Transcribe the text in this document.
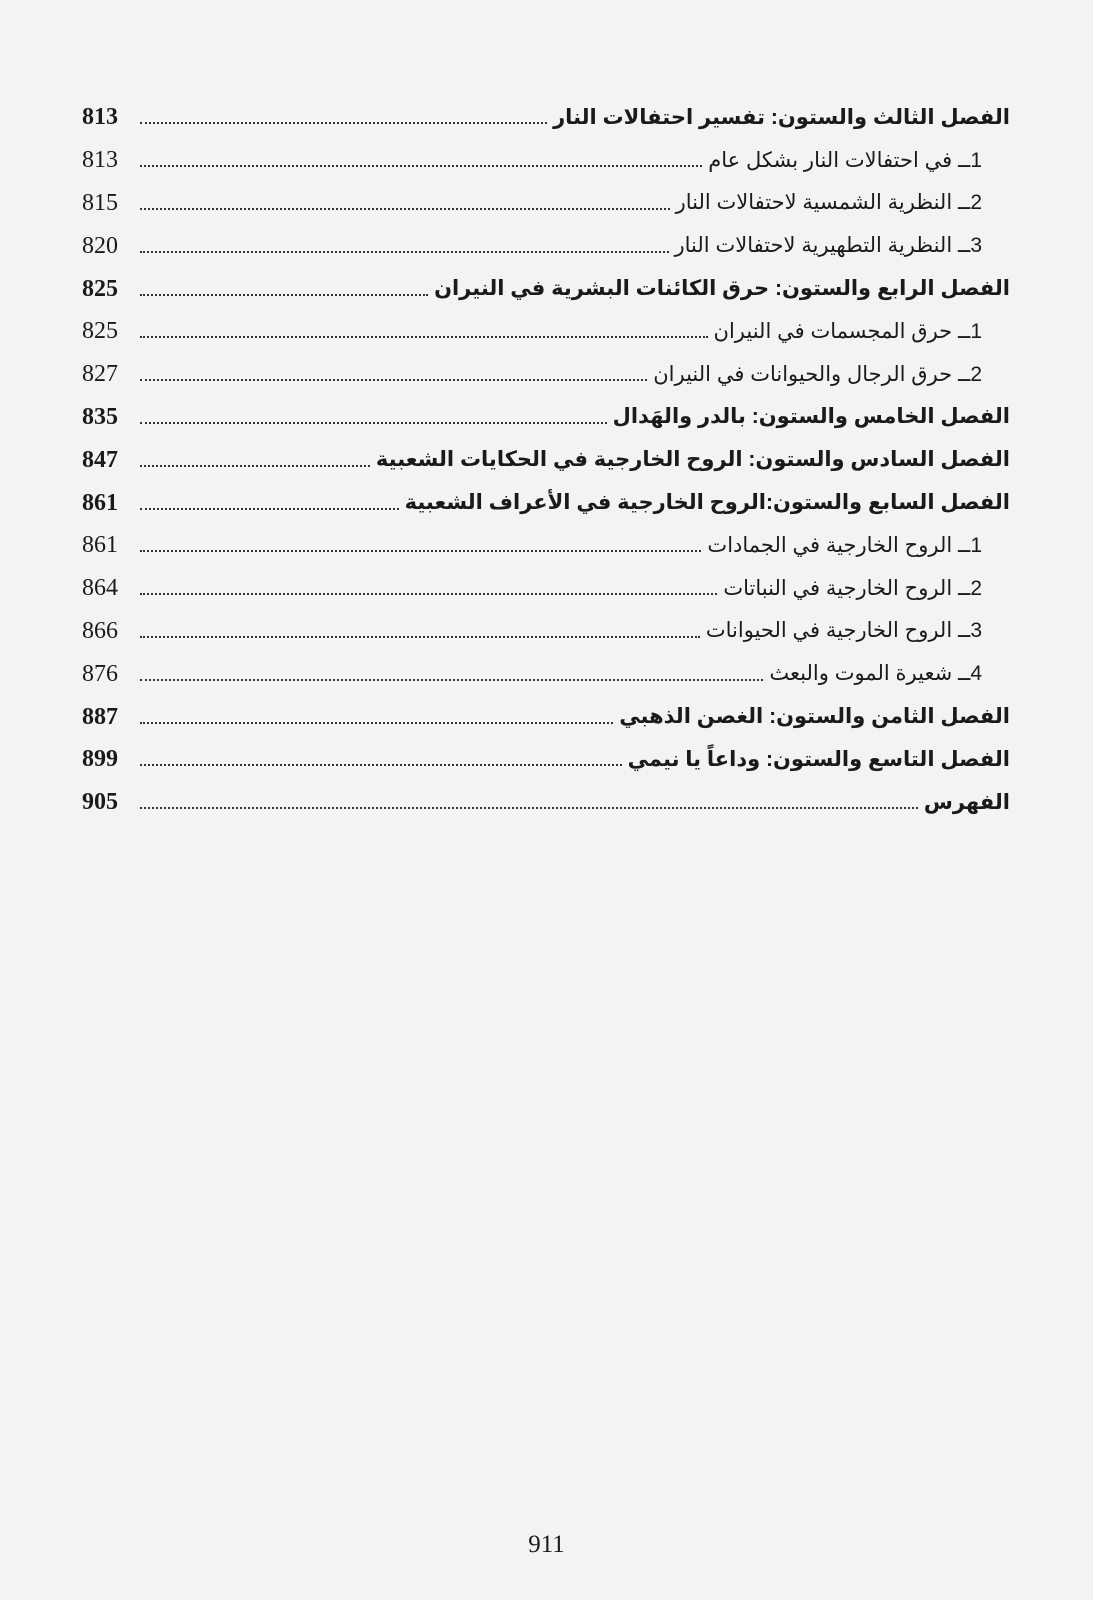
الفصل الثالث والستون: تفسير احتفالات النار
813
1ــ في احتفالات النار بشكل عام
813
2ــ النظرية الشمسية لاحتفالات النار
815
3ــ النظرية التطهيرية لاحتفالات النار
820
الفصل الرابع والستون: حرق الكائنات البشرية في النيران
825
1ــ حرق المجسمات في النيران
825
2ــ حرق الرجال والحيوانات في النيران
827
الفصل الخامس والستون: بالدر والهَدال
835
الفصل السادس والستون: الروح الخارجية في الحكايات الشعبية
847
الفصل السابع والستون:الروح الخارجية في الأعراف الشعبية
861
1ــ الروح الخارجية في الجمادات
861
2ــ الروح الخارجية في النباتات
864
3ــ الروح الخارجية في الحيوانات
866
4ــ شعيرة الموت والبعث
876
الفصل الثامن والستون: الغصن الذهبي
887
الفصل التاسع والستون: وداعاً يا نيمي
899
الفهرس
905
911
